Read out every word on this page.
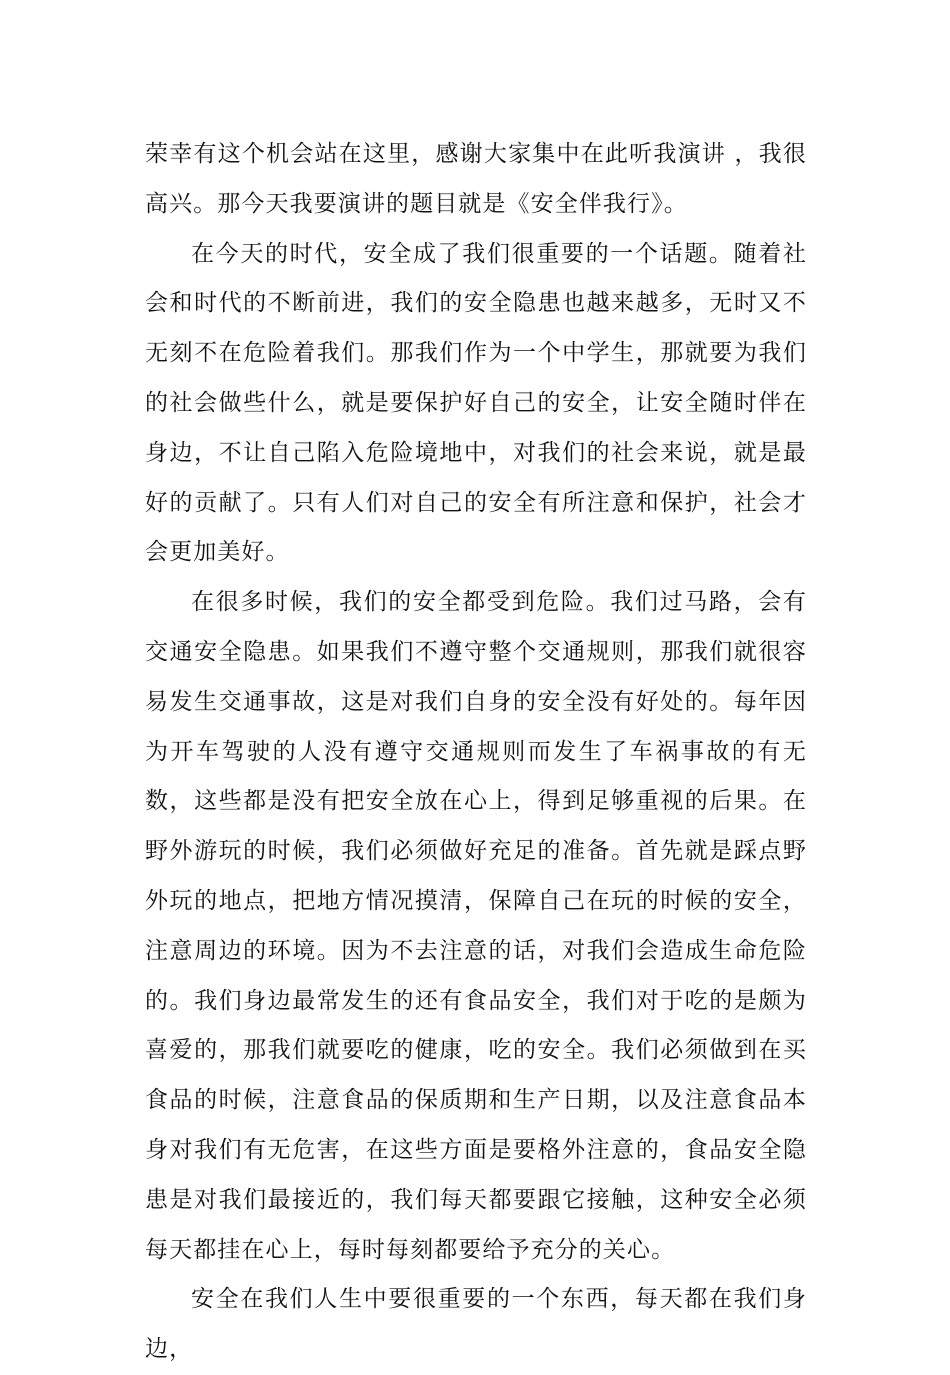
荣幸有这个机会站在这里，感谢大家集中在此听我演讲 ，我很高兴。那今天我要演讲的题目就是《安全伴我行》。

在今天的时代，安全成了我们很重要的一个话题。随着社会和时代的不断前进，我们的安全隐患也越来越多，无时又不无刻不在危险着我们。那我们作为一个中学生，那就要为我们的社会做些什么，就是要保护好自己的安全，让安全随时伴在身边，不让自己陷入危险境地中，对我们的社会来说，就是最好的贡献了。只有人们对自己的安全有所注意和保护，社会才会更加美好。

在很多时候，我们的安全都受到危险。我们过马路，会有交通安全隐患。如果我们不遵守整个交通规则，那我们就很容易发生交通事故，这是对我们自身的安全没有好处的。每年因为开车驾驶的人没有遵守交通规则而发生了车祸事故的有无数，这些都是没有把安全放在心上，得到足够重视的后果。在野外游玩的时候，我们必须做好充足的准备。首先就是踩点野外玩的地点，把地方情况摸清，保障自己在玩的时候的安全，注意周边的环境。因为不去注意的话，对我们会造成生命危险的。我们身边最常发生的还有食品安全，我们对于吃的是颇为喜爱的，那我们就要吃的健康，吃的安全。我们必须做到在买食品的时候，注意食品的保质期和生产日期，以及注意食品本身对我们有无危害，在这些方面是要格外注意的，食品安全隐患是对我们最接近的，我们每天都要跟它接触，这种安全必须每天都挂在心上，每时每刻都要给予充分的关心。

安全在我们人生中要很重要的一个东西，每天都在我们身边，
